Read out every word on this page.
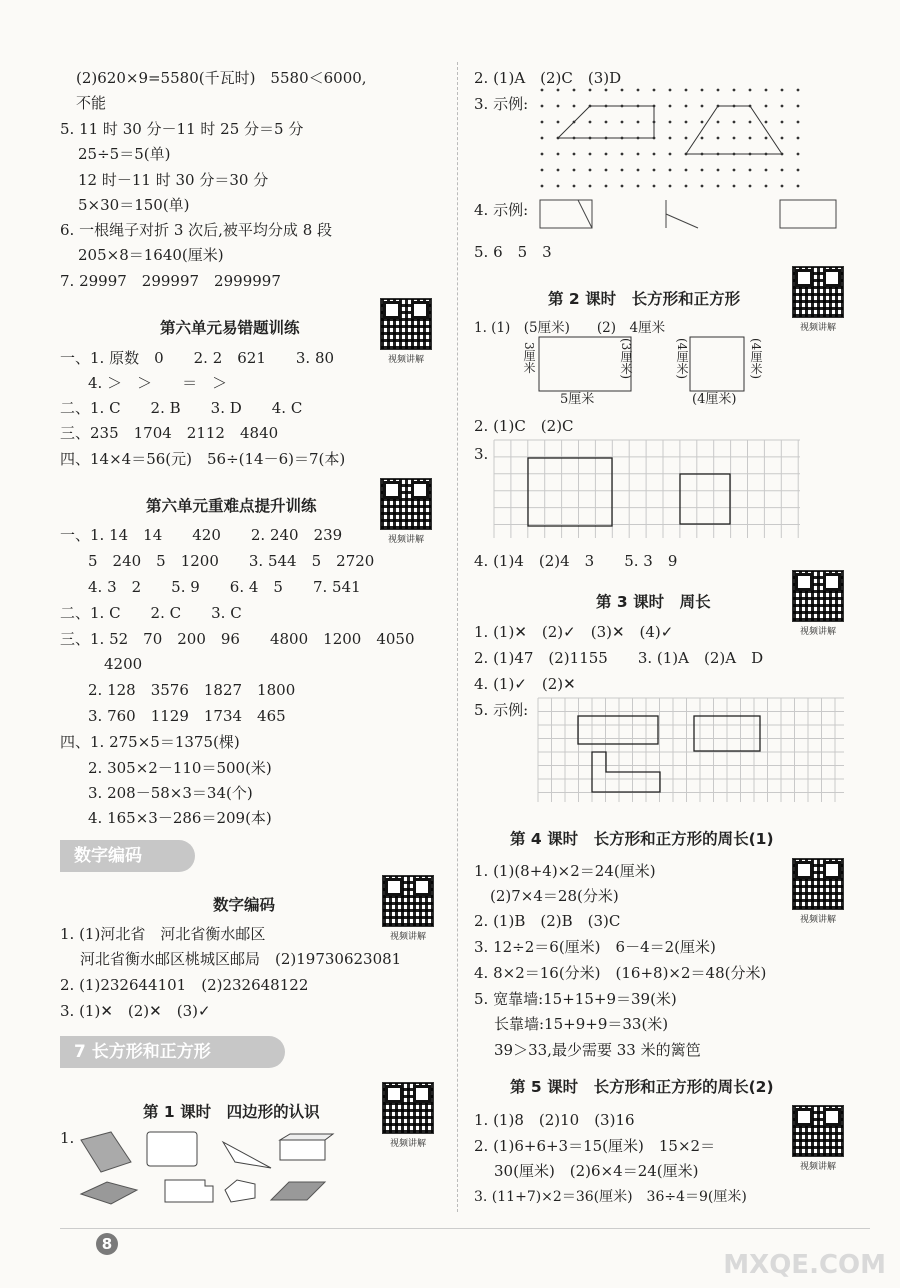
(2)620×9=5580(千瓦时)　5580＜6000,
不能
5. 11 时 30 分－11 时 25 分＝5 分
25÷5＝5(单)
12 时－11 时 30 分＝30 分
5×30＝150(单)
6. 一根绳子对折 3 次后,被平均分成 8 段
205×8＝1640(厘米)
7. 29997　299997　2999997
第六单元易错题训练
视频讲解
一、1. 原数　0　　2. 2　621　　3. 80
4. ＞　＞　　＝　＞
二、1. C　　2. B　　3. D　　4. C
三、235　1704　2112　4840
四、14×4＝56(元)　56÷(14－6)＝7(本)
第六单元重难点提升训练
视频讲解
一、1. 14　14　　420　　2. 240　239
5　240　5　1200　　3. 544　5　2720
4. 3　2　　5. 9　　6. 4　5　　7. 541
二、1. C　　2. C　　3. C
三、1. 52　70　200　96　　4800　1200　4050
4200
2. 128　3576　1827　1800
3. 760　1129　1734　465
四、1. 275×5＝1375(棵)
2. 305×2－110＝500(米)
3. 208－58×3＝34(个)
4. 165×3－286＝209(本)
数字编码
数字编码
视频讲解
1. (1)河北省　河北省衡水邮区
河北省衡水邮区桃城区邮局　(2)19730623081
2. (1)232644101　(2)232648122
3. (1)✕　(2)✕　(3)✓
7 长方形和正方形
第 1 课时　四边形的认识
视频讲解
1.
2. (1)A　(2)C　(3)D
3. 示例:
4. 示例:
5. 6　5　3
第 2 课时　长方形和正方形
视频讲解
1. (1)　(5厘米)　　(2)　4厘米
3厘米	(3厘米)	(4厘米)	(4厘米)
5厘米	(4厘米)
2. (1)C　(2)C
3.
4. (1)4　(2)4　3　　5. 3　9
第 3 课时　周长
视频讲解
1. (1)✕　(2)✓　(3)✕　(4)✓
2. (1)47　(2)1155　　3. (1)A　(2)A　D
4. (1)✓　(2)✕
5. 示例:
第 4 课时　长方形和正方形的周长(1)
视频讲解
1. (1)(8+4)×2＝24(厘米)
(2)7×4＝28(分米)
2. (1)B　(2)B　(3)C
3. 12÷2＝6(厘米)　6－4＝2(厘米)
4. 8×2＝16(分米)　(16+8)×2＝48(分米)
5. 宽靠墙:15+15+9＝39(米)
长靠墙:15+9+9＝33(米)
39＞33,最少需要 33 米的篱笆
第 5 课时　长方形和正方形的周长(2)
视频讲解
1. (1)8　(2)10　(3)16
2. (1)6+6+3＝15(厘米)　15×2＝
30(厘米)　(2)6×4＝24(厘米)
3. (11+7)×2＝36(厘米)　36÷4＝9(厘米)
8
MXQE.COM
